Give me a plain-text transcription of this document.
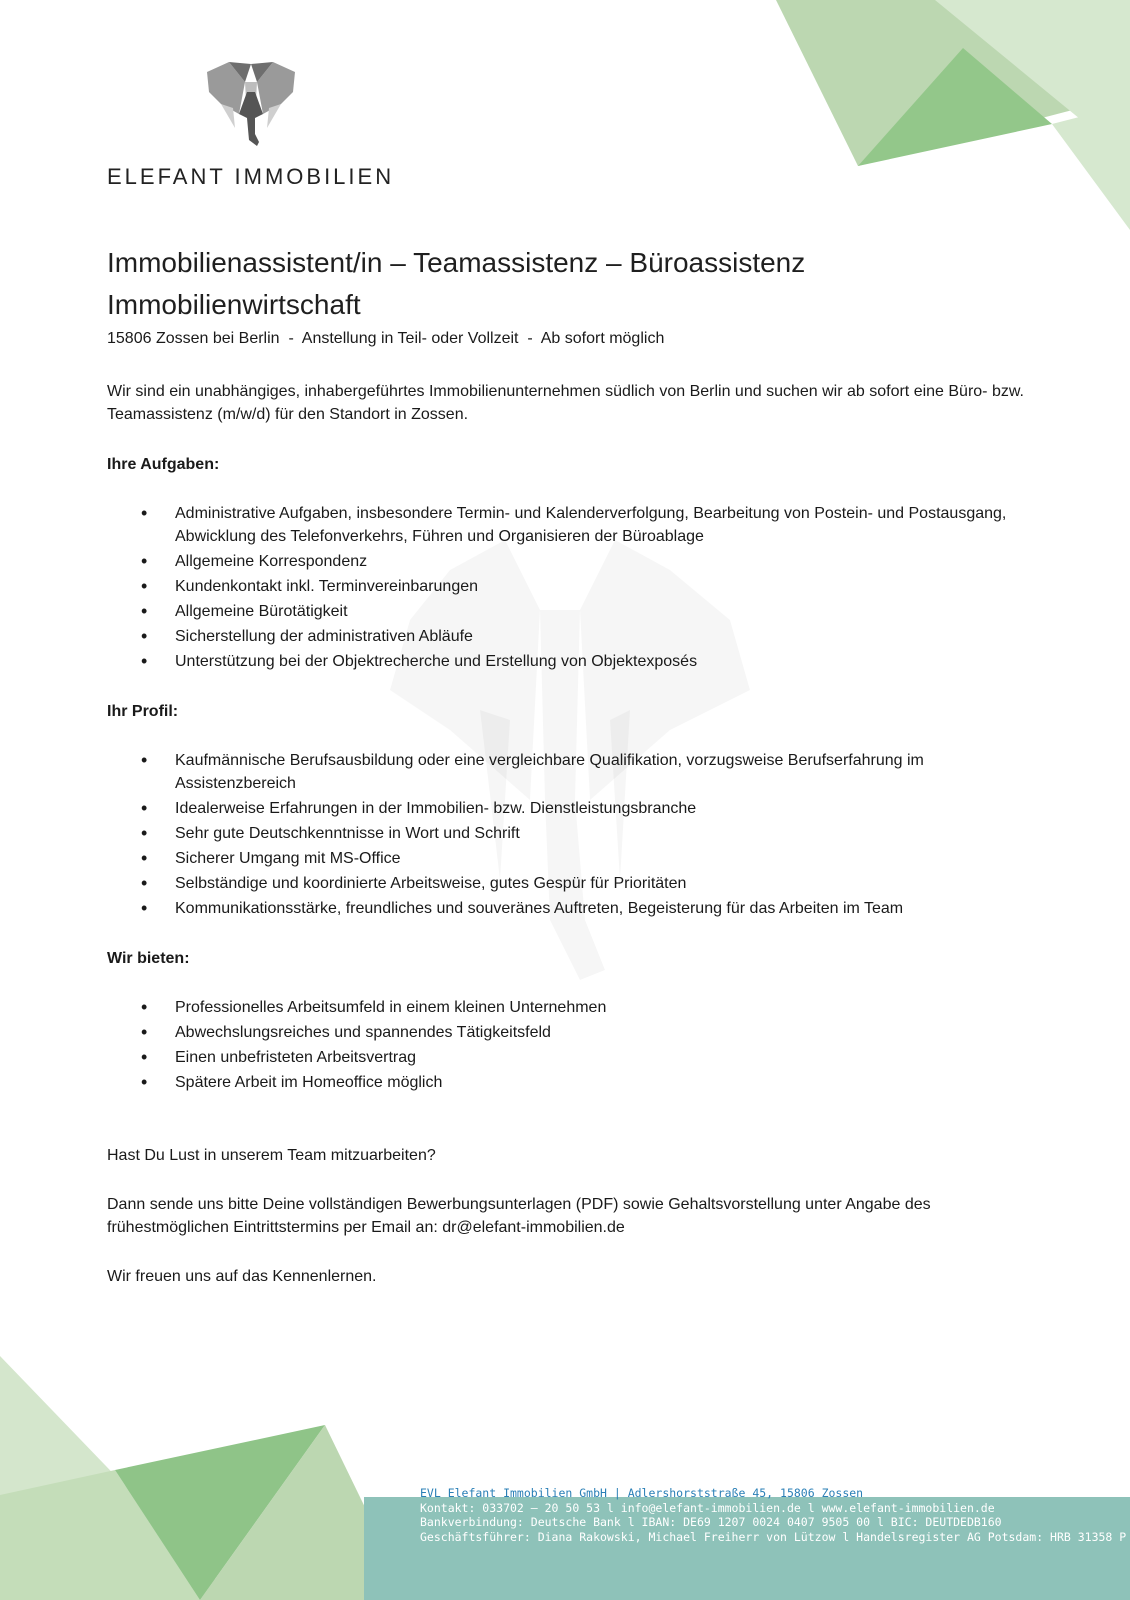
ELEFANT IMMOBILIEN
Immobilienassistent/in – Teamassistenz – Büroassistenz
Immobilienwirtschaft

15806 Zossen bei Berlin  -  Anstellung in Teil- oder Vollzeit  -  Ab sofort möglich

Wir sind ein unabhängiges, inhabergeführtes Immobilienunternehmen südlich von Berlin und suchen wir ab sofort eine Büro- bzw. Teamassistenz (m/w/d) für den Standort in Zossen.

Ihre Aufgaben:

• Administrative Aufgaben, insbesondere Termin- und Kalenderverfolgung, Bearbeitung von Postein- und Postausgang, Abwicklung des Telefonverkehrs, Führen und Organisieren der Büroablage
• Allgemeine Korrespondenz
• Kundenkontakt inkl. Terminvereinbarungen
• Allgemeine Bürotätigkeit
• Sicherstellung der administrativen Abläufe
• Unterstützung bei der Objektrecherche und Erstellung von Objektexposés

Ihr Profil:

• Kaufmännische Berufsausbildung oder eine vergleichbare Qualifikation, vorzugsweise Berufserfahrung im Assistenzbereich
• Idealerweise Erfahrungen in der Immobilien- bzw. Dienstleistungsbranche
• Sehr gute Deutschkenntnisse in Wort und Schrift
• Sicherer Umgang mit MS-Office
• Selbständige und koordinierte Arbeitsweise, gutes Gespür für Prioritäten
• Kommunikationsstärke, freundliches und souveränes Auftreten, Begeisterung für das Arbeiten im Team

Wir bieten:

• Professionelles Arbeitsumfeld in einem kleinen Unternehmen
• Abwechslungsreiches und spannendes Tätigkeitsfeld
• Einen unbefristeten Arbeitsvertrag
• Spätere Arbeit im Homeoffice möglich

Hast Du Lust in unserem Team mitzuarbeiten?

Dann sende uns bitte Deine vollständigen Bewerbungsunterlagen (PDF) sowie Gehaltsvorstellung unter Angabe des frühestmöglichen Eintrittstermins per Email an: dr@elefant-immobilien.de

Wir freuen uns auf das Kennenlernen.

EVL Elefant Immobilien GmbH | Adlershorststraße 45, 15806 Zossen
Kontakt: 033702 – 20 50 53 l info@elefant-immobilien.de l www.elefant-immobilien.de
Bankverbindung: Deutsche Bank l IBAN: DE69 1207 0024 0407 9505 00 l BIC: DEUTDEDB160
Geschäftsführer: Diana Rakowski, Michael Freiherr von Lützow l Handelsregister AG Potsdam: HRB 31358 P
